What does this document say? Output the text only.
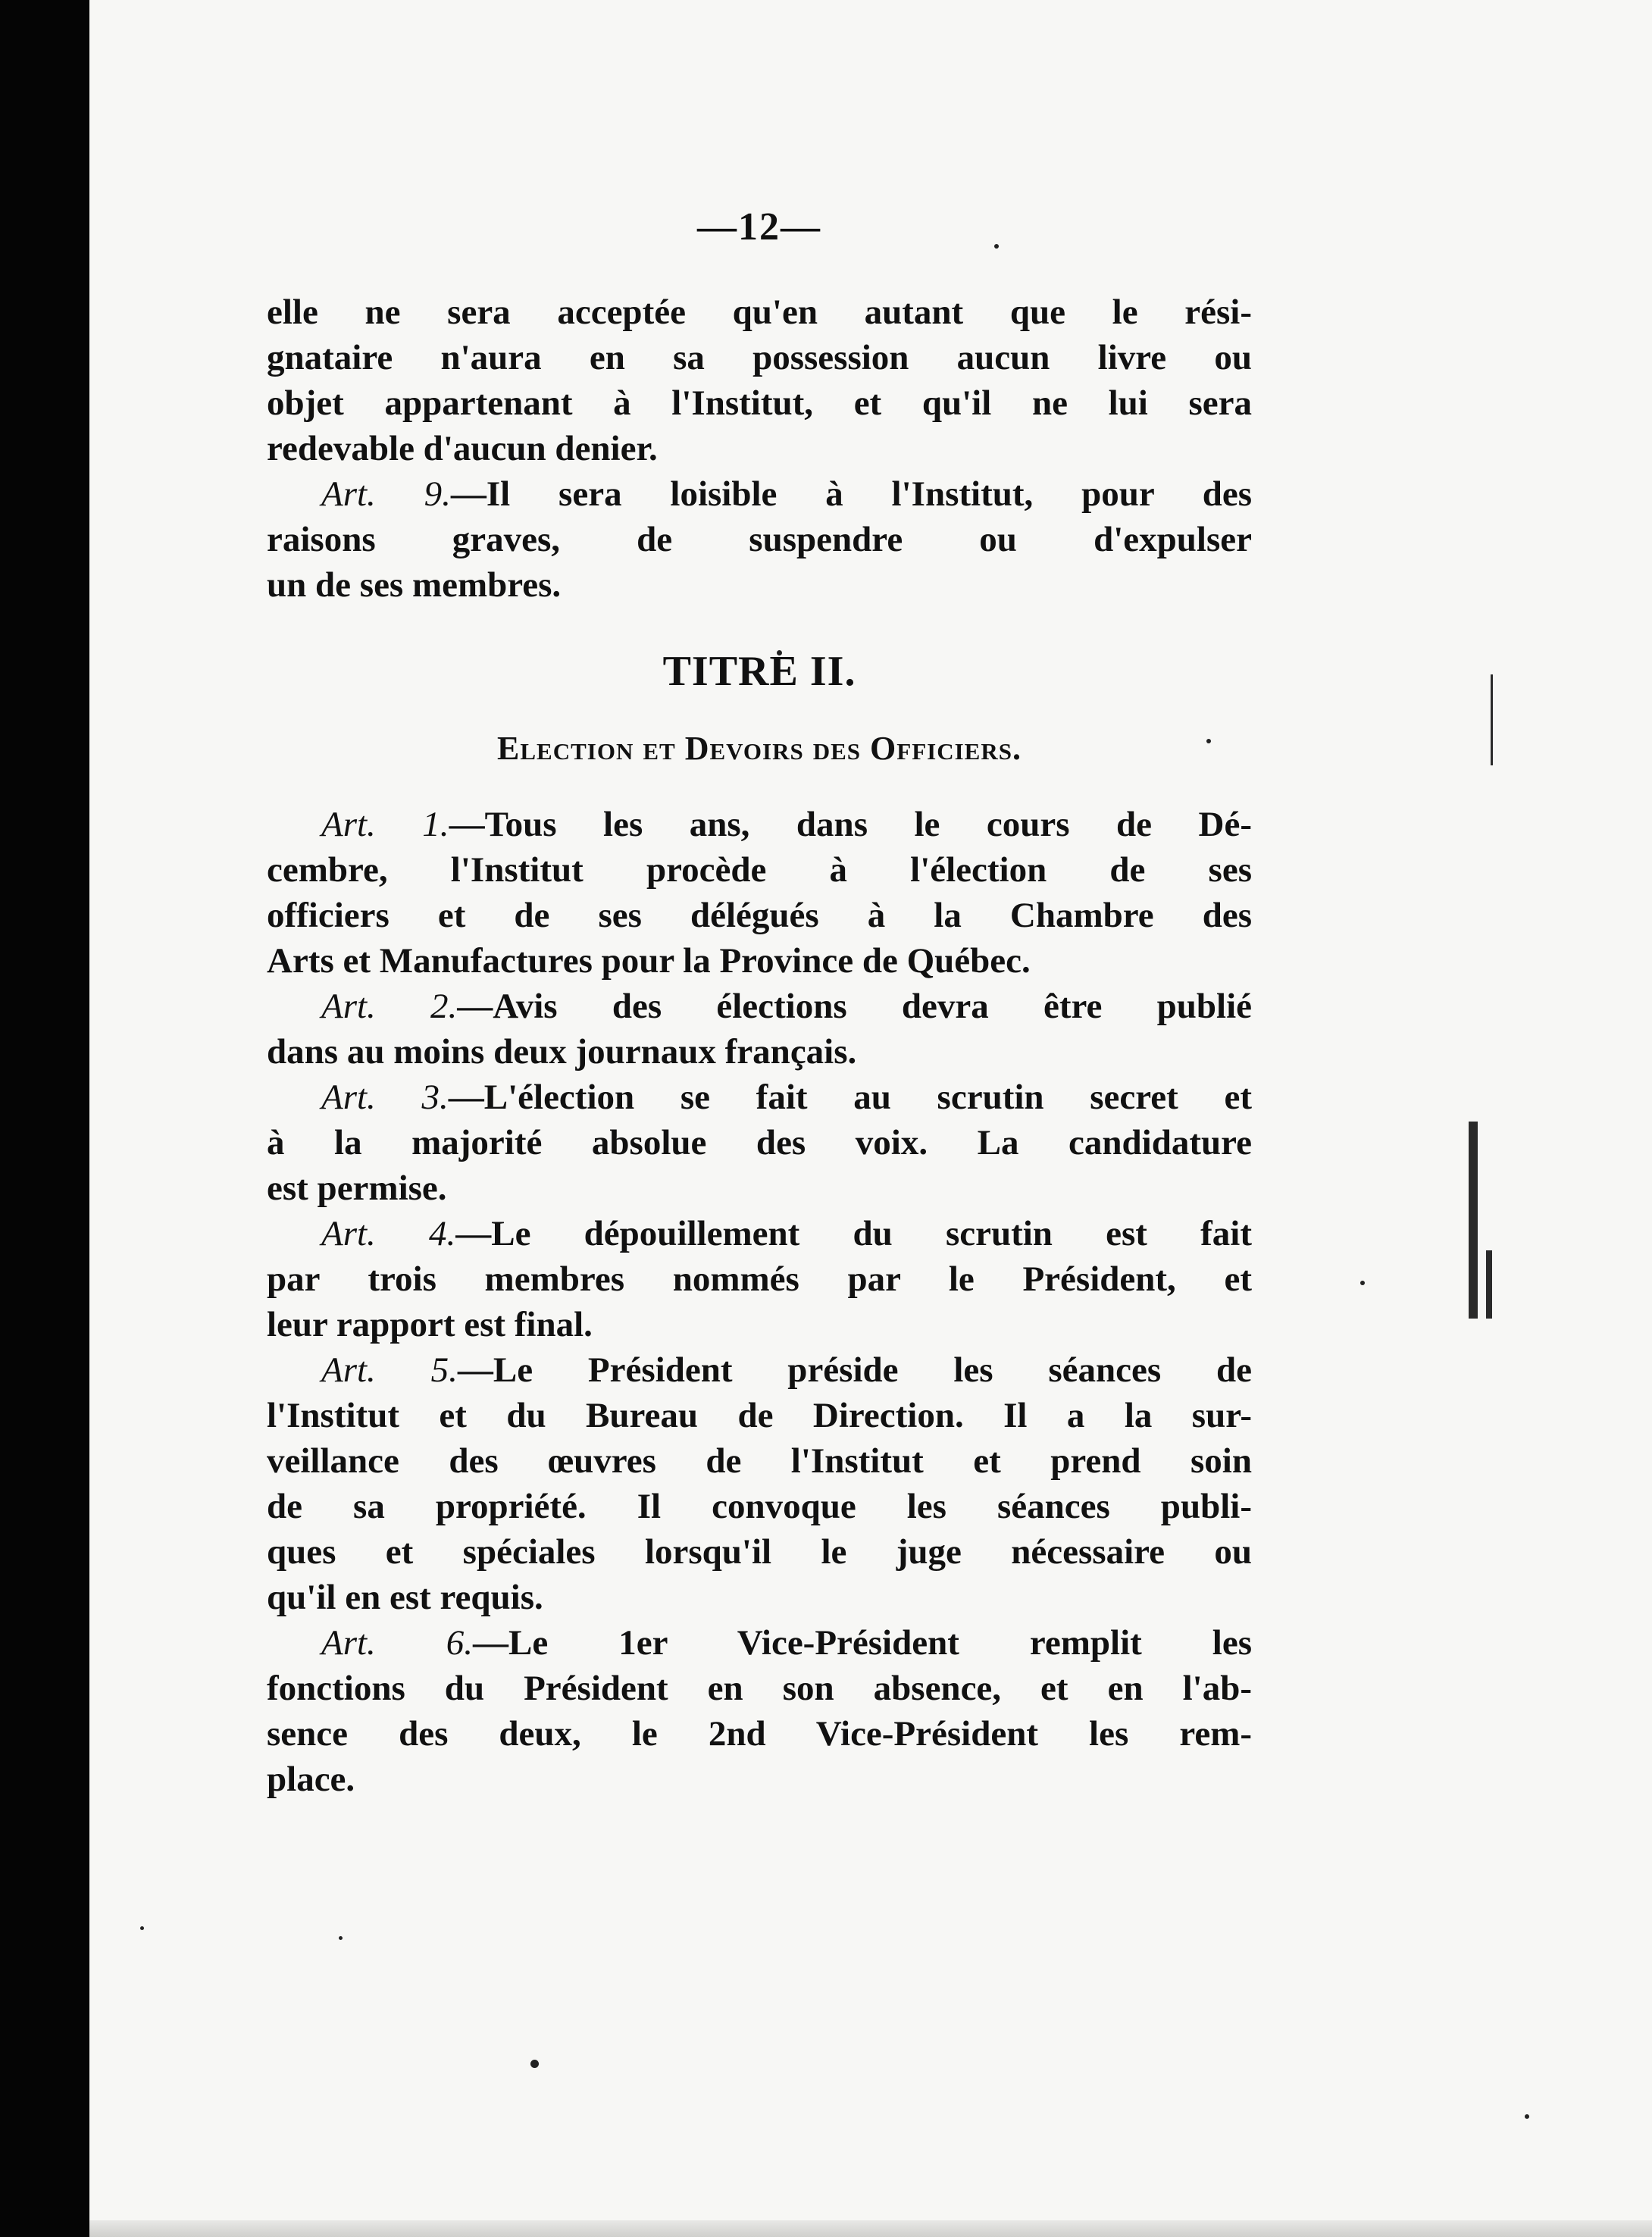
—12—
elle ne sera acceptée qu'en autant que le rési-
gnataire n'aura en sa possession aucun livre ou
objet appartenant à l'Institut, et qu'il ne lui sera
redevable d'aucun denier.
Art. 9.—Il sera loisible à l'Institut, pour des
raisons graves, de suspendre ou d'expulser
un de ses membres.
TITRE II.
Election et Devoirs des Officiers.
Art. 1.—Tous les ans, dans le cours de Dé-
cembre, l'Institut procède à l'élection de ses
officiers et de ses délégués à la Chambre des
Arts et Manufactures pour la Province de Québec.
Art. 2.—Avis des élections devra être publié
dans au moins deux journaux français.
Art. 3.—L'élection se fait au scrutin secret et
à la majorité absolue des voix. La candidature
est permise.
Art. 4.—Le dépouillement du scrutin est fait
par trois membres nommés par le Président, et
leur rapport est final.
Art. 5.—Le Président préside les séances de
l'Institut et du Bureau de Direction. Il a la sur-
veillance des œuvres de l'Institut et prend soin
de sa propriété. Il convoque les séances publi-
ques et spéciales lorsqu'il le juge nécessaire ou
qu'il en est requis.
Art. 6.—Le 1er Vice-Président remplit les
fonctions du Président en son absence, et en l'ab-
sence des deux, le 2nd Vice-Président les rem-
place.
